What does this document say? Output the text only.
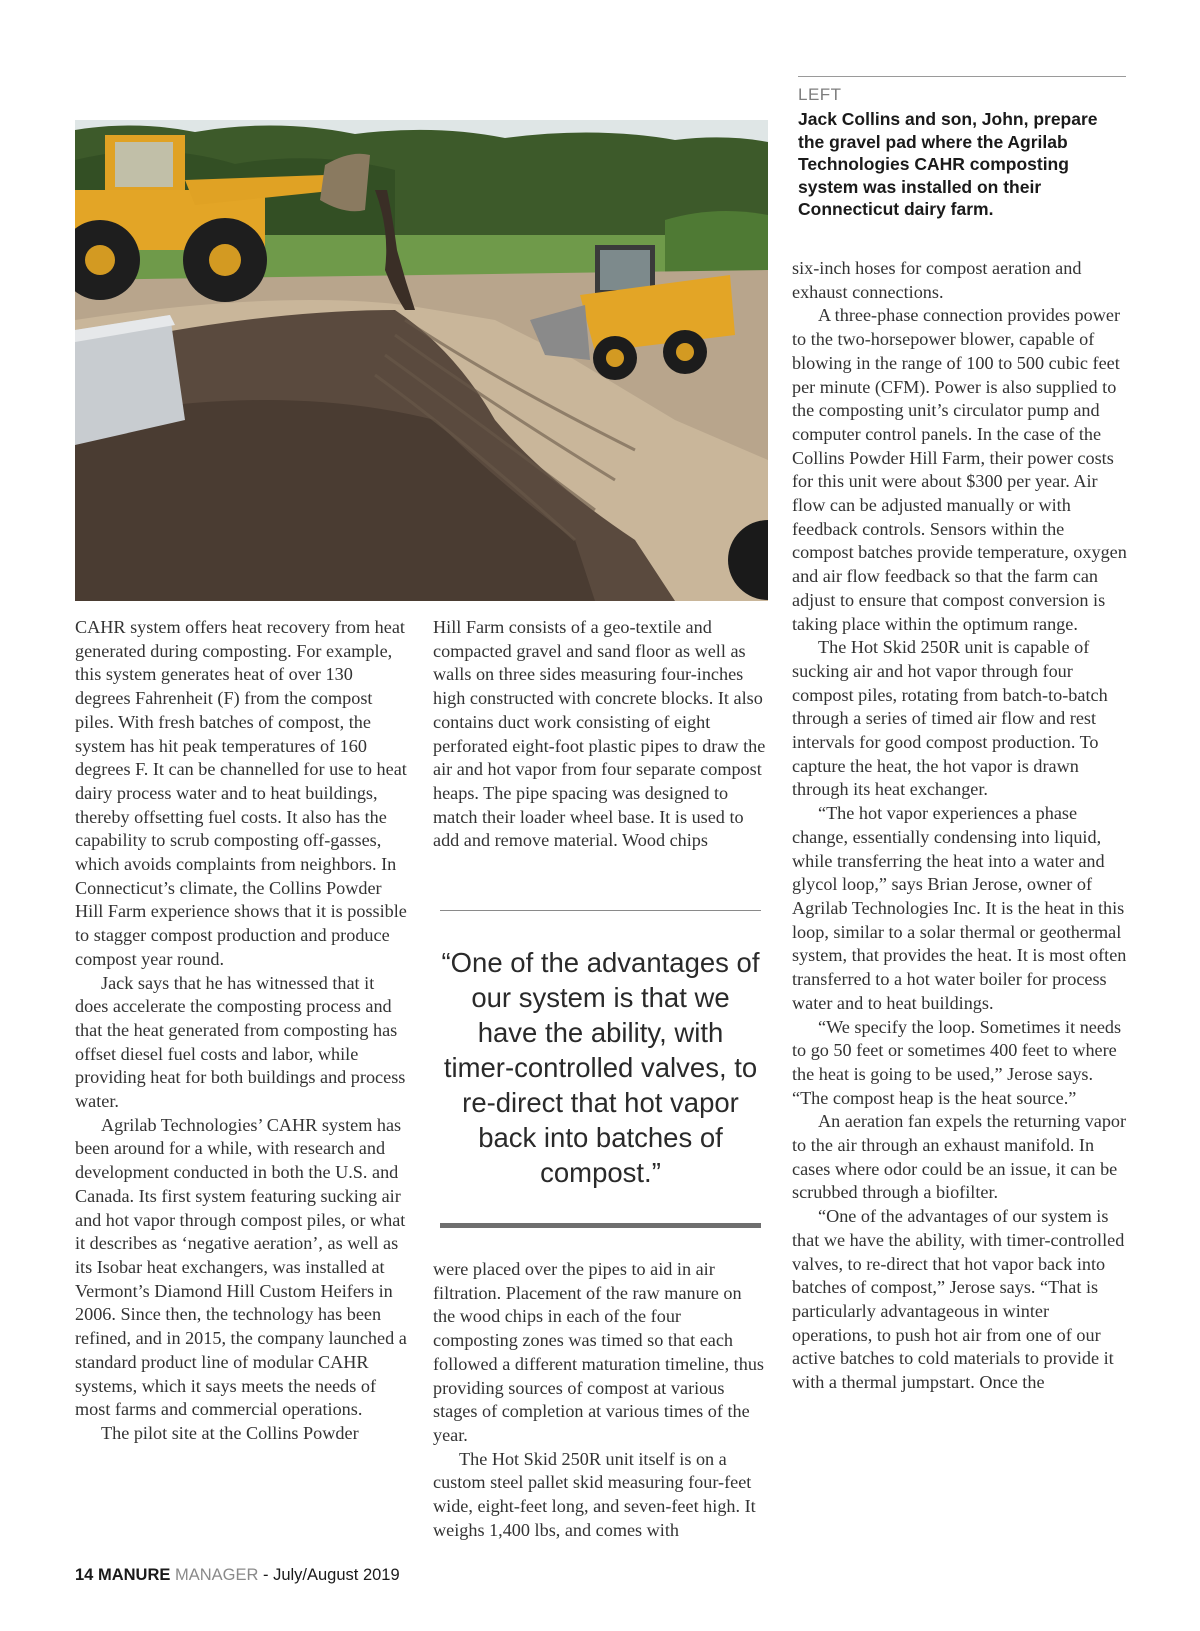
LEFT
Jack Collins and son, John, prepare the gravel pad where the Agrilab Technologies CAHR composting system was installed on their Connecticut dairy farm.

CAHR system offers heat recovery from heat generated during composting. For example, this system generates heat of over 130 degrees Fahrenheit (F) from the compost piles. With fresh batches of compost, the system has hit peak temperatures of 160 degrees F. It can be channelled for use to heat dairy process water and to heat buildings, thereby offsetting fuel costs. It also has the capability to scrub composting off-gasses, which avoids complaints from neighbors. In Connecticut’s climate, the Collins Powder Hill Farm experience shows that it is possible to stagger compost production and produce compost year round.

Jack says that he has witnessed that it does accelerate the composting process and that the heat generated from composting has offset diesel fuel costs and labor, while providing heat for both buildings and process water.

Agrilab Technologies’ CAHR system has been around for a while, with research and development conducted in both the U.S. and Canada. Its first system featuring sucking air and hot vapor through compost piles, or what it describes as ‘negative aeration’, as well as its Isobar heat exchangers, was installed at Vermont’s Diamond Hill Custom Heifers in 2006. Since then, the technology has been refined, and in 2015, the company launched a standard product line of modular CAHR systems, which it says meets the needs of most farms and commercial operations.

The pilot site at the Collins Powder

Hill Farm consists of a geo-textile and compacted gravel and sand floor as well as walls on three sides measuring four-inches high constructed with concrete blocks. It also contains duct work consisting of eight perforated eight-foot plastic pipes to draw the air and hot vapor from four separate compost heaps. The pipe spacing was designed to match their loader wheel base. It is used to add and remove material. Wood chips

“One of the advantages of our system is that we have the ability, with timer-controlled valves, to re-direct that hot vapor back into batches of compost.”

were placed over the pipes to aid in air filtration. Placement of the raw manure on the wood chips in each of the four composting zones was timed so that each followed a different maturation timeline, thus providing sources of compost at various stages of completion at various times of the year.

The Hot Skid 250R unit itself is on a custom steel pallet skid measuring four-feet wide, eight-feet long, and seven-feet high. It weighs 1,400 lbs, and comes with

six-inch hoses for compost aeration and exhaust connections.

A three-phase connection provides power to the two-horsepower blower, capable of blowing in the range of 100 to 500 cubic feet per minute (CFM). Power is also supplied to the composting unit’s circulator pump and computer control panels. In the case of the Collins Powder Hill Farm, their power costs for this unit were about $300 per year. Air flow can be adjusted manually or with feedback controls. Sensors within the compost batches provide temperature, oxygen and air flow feedback so that the farm can adjust to ensure that compost conversion is taking place within the optimum range.

The Hot Skid 250R unit is capable of sucking air and hot vapor through four compost piles, rotating from batch-to-batch through a series of timed air flow and rest intervals for good compost production. To capture the heat, the hot vapor is drawn through its heat exchanger.

“The hot vapor experiences a phase change, essentially condensing into liquid, while transferring the heat into a water and glycol loop,” says Brian Jerose, owner of Agrilab Technologies Inc. It is the heat in this loop, similar to a solar thermal or geothermal system, that provides the heat. It is most often transferred to a hot water boiler for process water and to heat buildings.

“We specify the loop. Sometimes it needs to go 50 feet or sometimes 400 feet to where the heat is going to be used,” Jerose says. “The compost heap is the heat source.”

An aeration fan expels the returning vapor to the air through an exhaust manifold. In cases where odor could be an issue, it can be scrubbed through a biofilter.

“One of the advantages of our system is that we have the ability, with timer-controlled valves, to re-direct that hot vapor back into batches of compost,” Jerose says. “That is particularly advantageous in winter operations, to push hot air from one of our active batches to cold materials to provide it with a thermal jumpstart. Once the

14 MANURE MANAGER - July/August 2019
